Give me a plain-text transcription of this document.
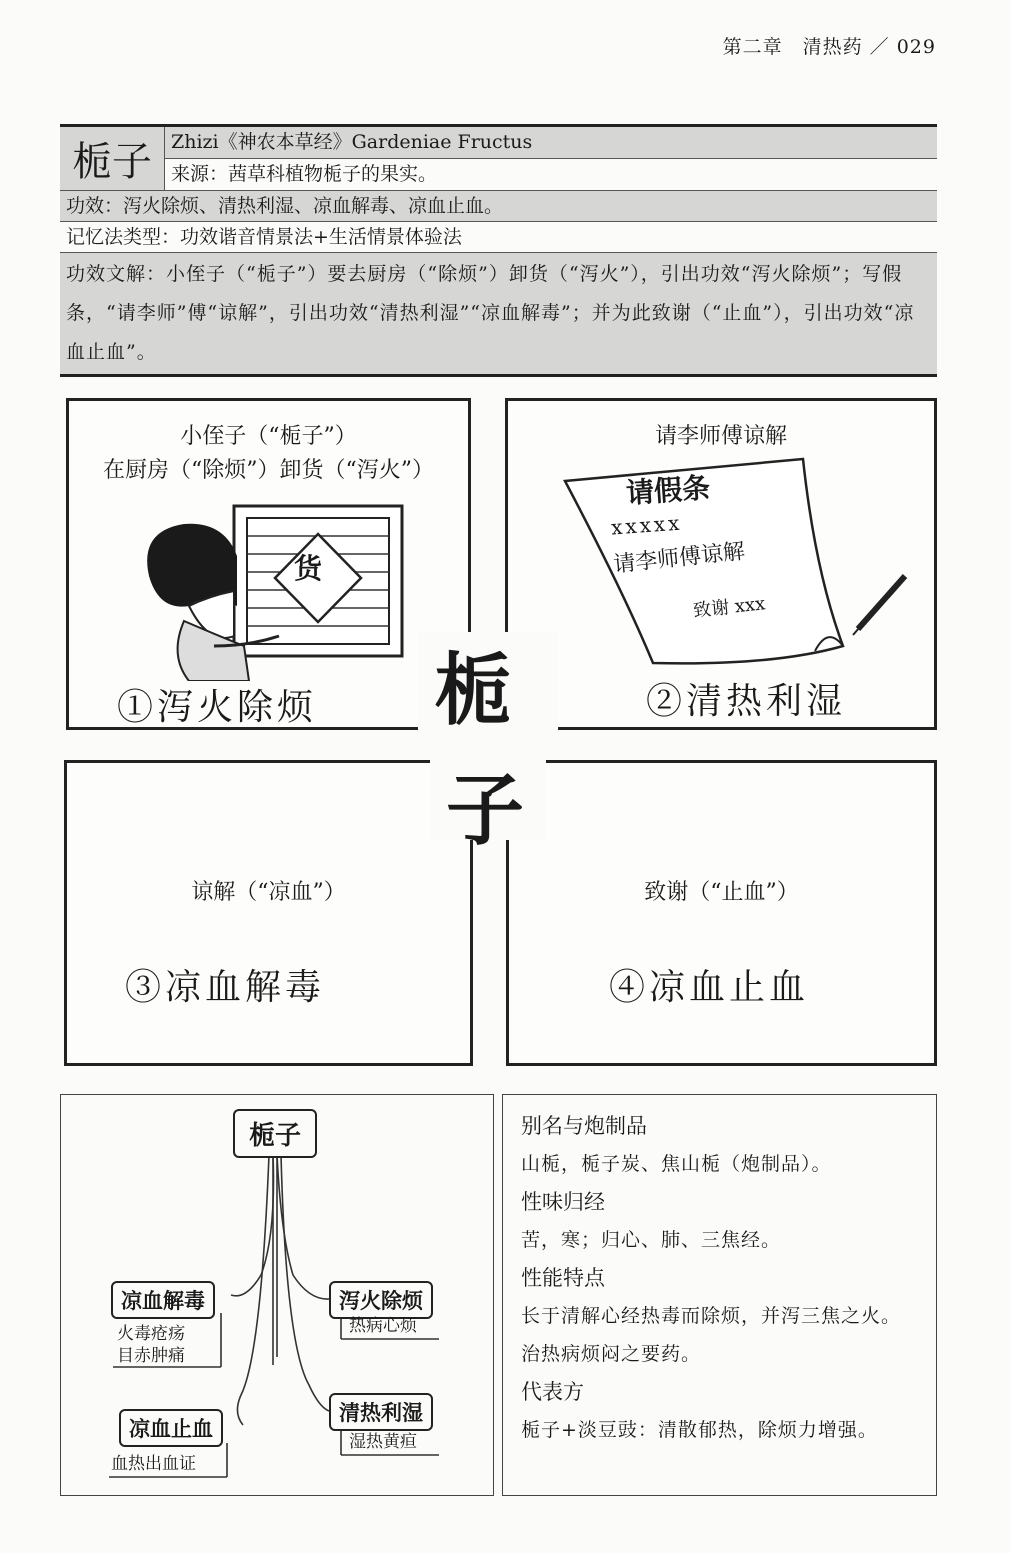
第二章　清热药 ／ 029
栀子	Zhizi《神农本草经》Gardeniae Fructus
来源：茜草科植物栀子的果实。
功效：泻火除烦、清热利湿、凉血解毒、凉血止血。
记忆法类型：功效谐音情景法+生活情景体验法
功效文解：小侄子（“栀子”）要去厨房（“除烦”）卸货（“泻火”），引出功效“泻火除烦”；写假条，“请李师”傅“谅解”，引出功效“清热利湿”“凉血解毒”；并为此致谢（“止血”），引出功效“凉血止血”。
小侄子（“栀子”）
在厨房（“除烦”）卸货（“泻火”）
货
①泻火除烦
请李师傅谅解
请假条
xxxxx
请李师傅谅解
致谢 xxx
②清热利湿
谅解（“凉血”）
③凉血解毒
致谢（“止血”）
④凉血止血
栀
子
栀子
凉血解毒
火毒疮疡
目赤肿痛
泻火除烦
热病心烦
清热利湿
湿热黄疸
凉血止血
血热出血证
别名与炮制品
山栀，栀子炭、焦山栀（炮制品）。
性味归经
苦，寒；归心、肺、三焦经。
性能特点
长于清解心经热毒而除烦，并泻三焦之火。治热病烦闷之要药。
代表方
栀子+淡豆豉：清散郁热，除烦力增强。
